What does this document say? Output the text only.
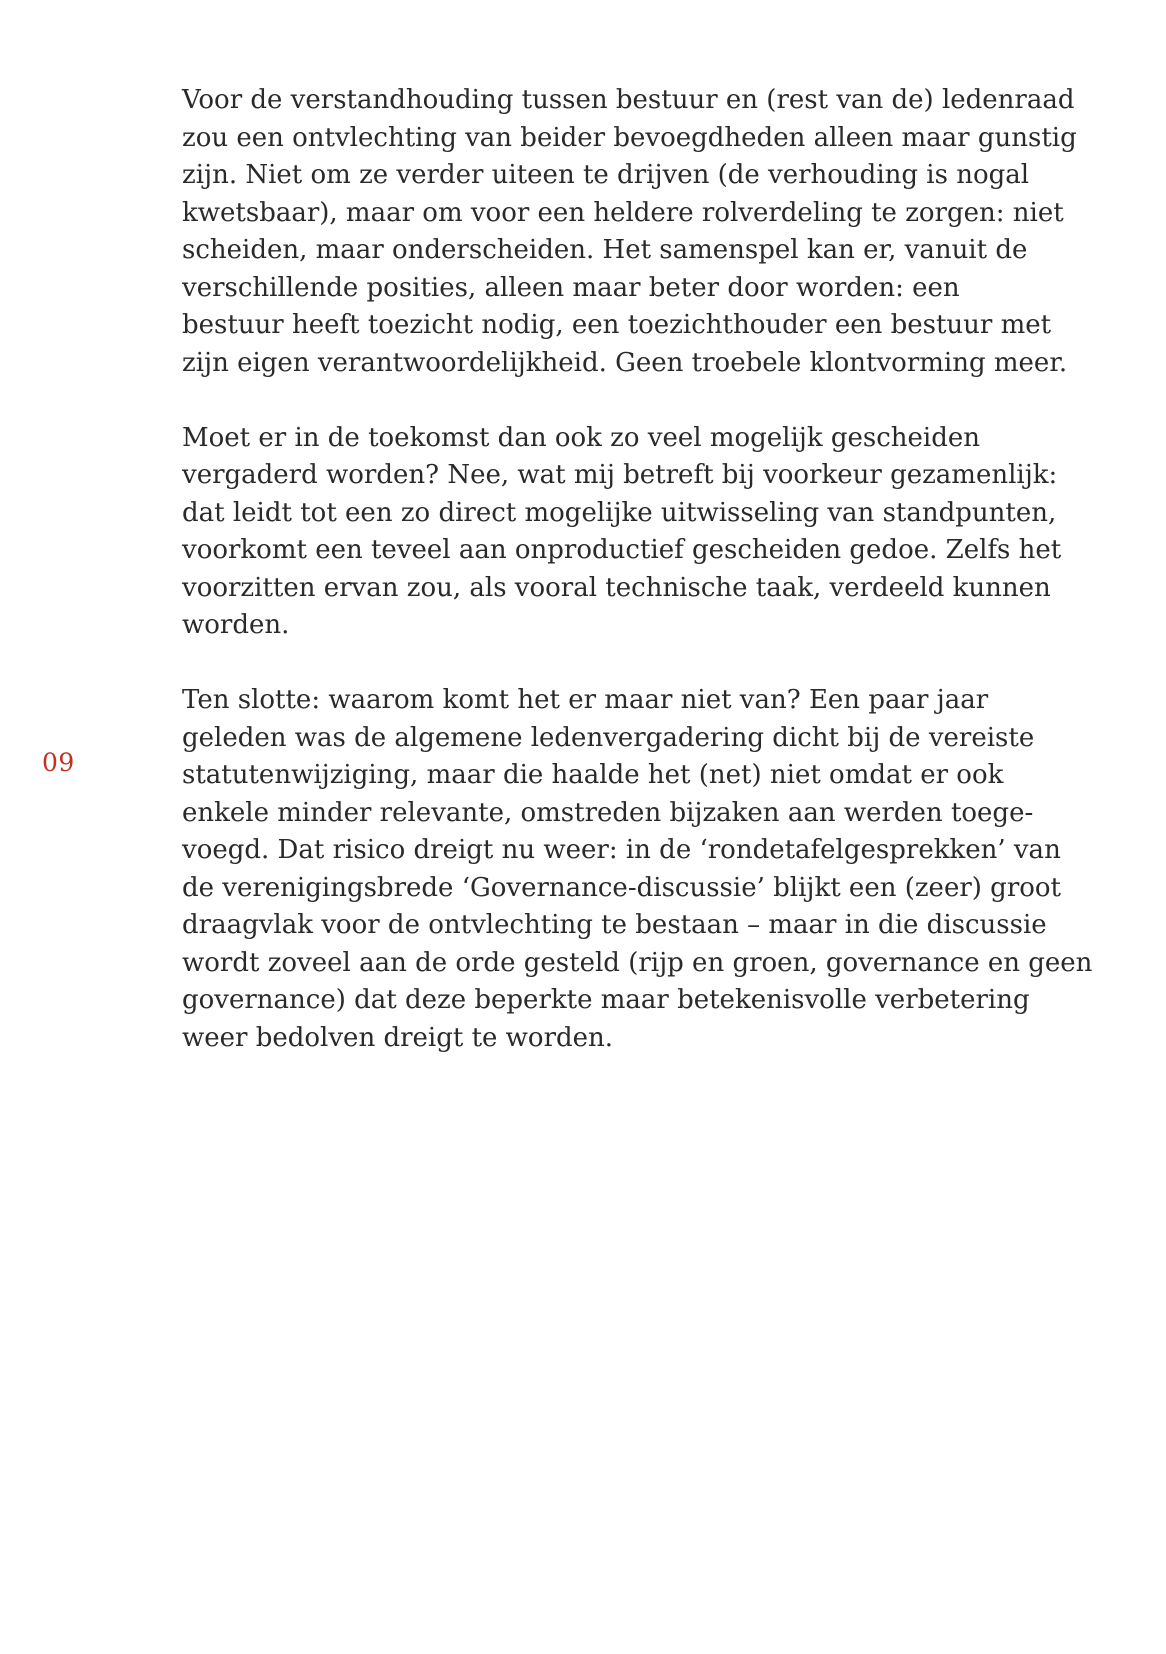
09

Voor de verstandhouding tussen bestuur en (rest van de) ledenraad
zou een ontvlechting van beider bevoegdheden alleen maar gunstig
zijn. Niet om ze verder uiteen te drijven (de verhouding is nogal
kwetsbaar), maar om voor een heldere rolverdeling te zorgen: niet
scheiden, maar onderscheiden. Het samenspel kan er, vanuit de
verschillende posities, alleen maar beter door worden: een
bestuur heeft toezicht nodig, een toezichthouder een bestuur met
zijn eigen verantwoordelijkheid. Geen troebele klontvorming meer.

Moet er in de toekomst dan ook zo veel mogelijk gescheiden
vergaderd worden? Nee, wat mij betreft bij voorkeur gezamenlijk:
dat leidt tot een zo direct mogelijke uitwisseling van standpunten,
voorkomt een teveel aan onproductief gescheiden gedoe. Zelfs het
voorzitten ervan zou, als vooral technische taak, verdeeld kunnen
worden.

Ten slotte: waarom komt het er maar niet van? Een paar jaar
geleden was de algemene ledenvergadering dicht bij de vereiste
statutenwijziging, maar die haalde het (net) niet omdat er ook
enkele minder relevante, omstreden bijzaken aan werden toege-
voegd. Dat risico dreigt nu weer: in de ‘rondetafelgesprekken’ van
de verenigingsbrede ‘Governance-discussie’ blijkt een (zeer) groot
draagvlak voor de ontvlechting te bestaan – maar in die discussie
wordt zoveel aan de orde gesteld (rijp en groen, governance en geen
governance) dat deze beperkte maar betekenisvolle verbetering
weer bedolven dreigt te worden.
